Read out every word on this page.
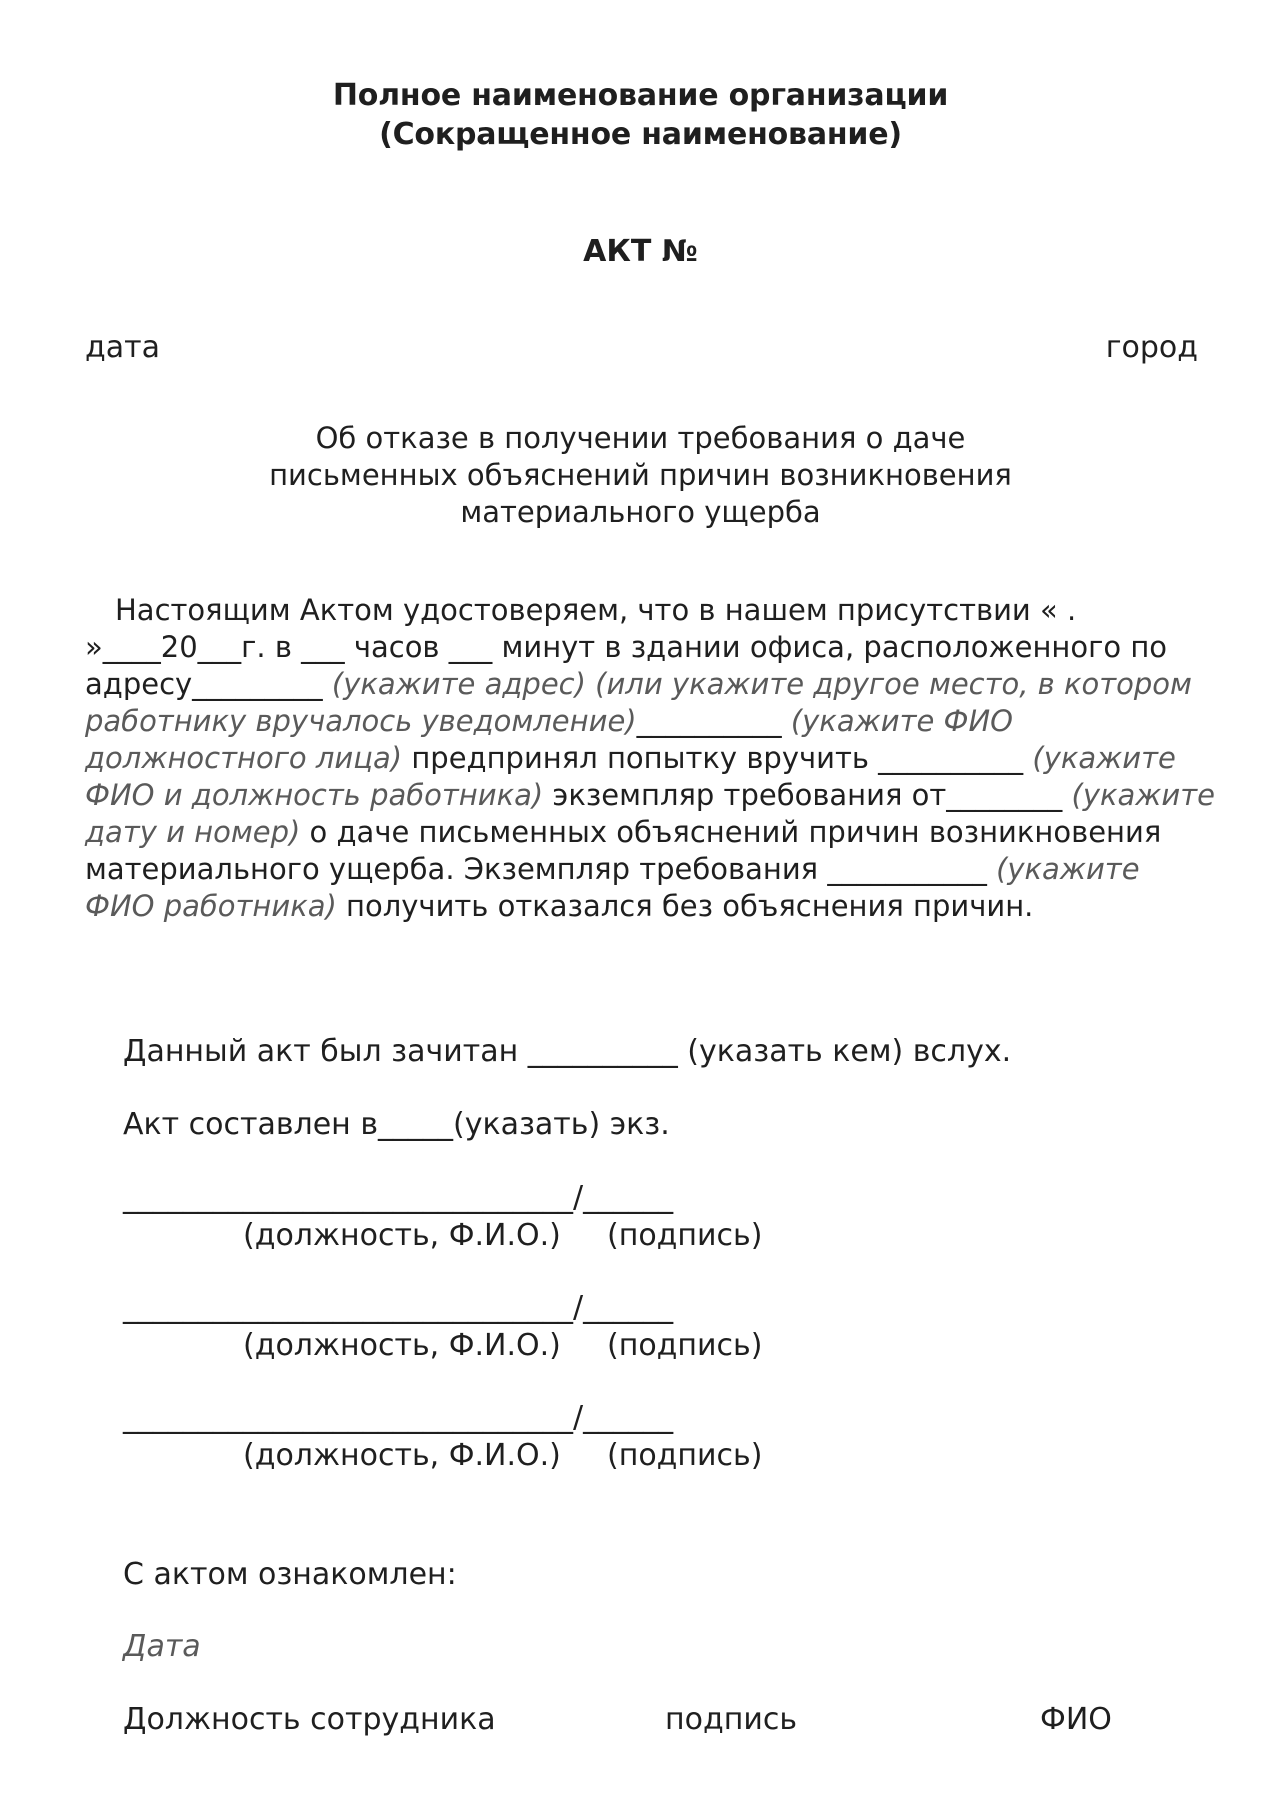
Полное наименование организации
(Сокращенное наименование)
АКТ №
дата	город
Об отказе в получении требования о даче
письменных объяснений причин возникновения
материального ущерба
Настоящим Актом удостоверяем, что в нашем присутствии « .
»____20___г. в ___ часов ___ минут в здании офиса, расположенного по
адресу_________ (укажите адрес) (или укажите другое место, в котором
работнику вручалось уведомление)__________ (укажите ФИО
должностного лица) предпринял попытку вручить __________ (укажите
ФИО и должность работника) экземпляр требования от________ (укажите
дату и номер) о даче письменных объяснений причин возникновения
материального ущерба. Экземпляр требования ___________ (укажите
ФИО работника) получить отказался без объяснения причин.
Данный акт был зачитан __________ (указать кем) вслух.
Акт составлен в_____(указать) экз.
______________________________/______
(должность, Ф.И.О.) (подпись)
______________________________/______
(должность, Ф.И.О.) (подпись)
______________________________/______
(должность, Ф.И.О.) (подпись)
С актом ознакомлен:
Дата
Должность сотрудника	подпись	ФИО
